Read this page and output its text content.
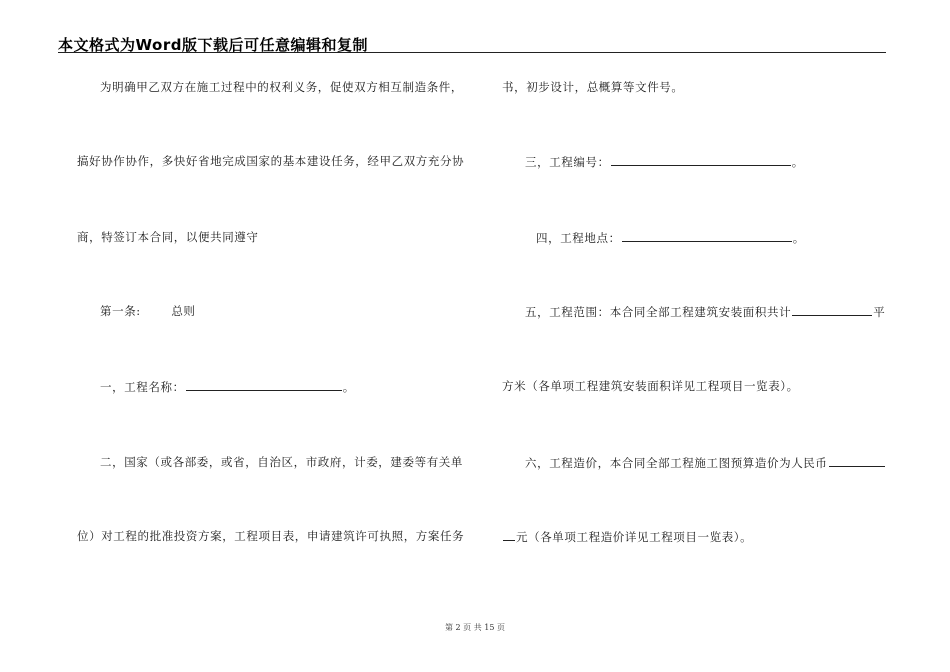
本文格式为Word版下载后可任意编辑和复制
为明确甲乙双方在施工过程中的权利义务，促使双方相互制造条件，
搞好协作协作，多快好省地完成国家的基本建设任务，经甲乙双方充分协
商，特签订本合同，以便共同遵守
第一条:	总则
一，工程名称：	。
二，国家（或各部委，或省，自治区，市政府，计委，建委等有关单
位）对工程的批准投资方案，工程项目表，申请建筑许可执照，方案任务
书，初步设计，总概算等文件号。
三，工程编号：	。
四，工程地点：	。
五，工程范围：本合同全部工程建筑安装面积共计	平
方米（各单项工程建筑安装面积详见工程项目一览表）。
六，工程造价，本合同全部工程施工图预算造价为人民币
元（各单项工程造价详见工程项目一览表）。
第 2 页 共 15 页
